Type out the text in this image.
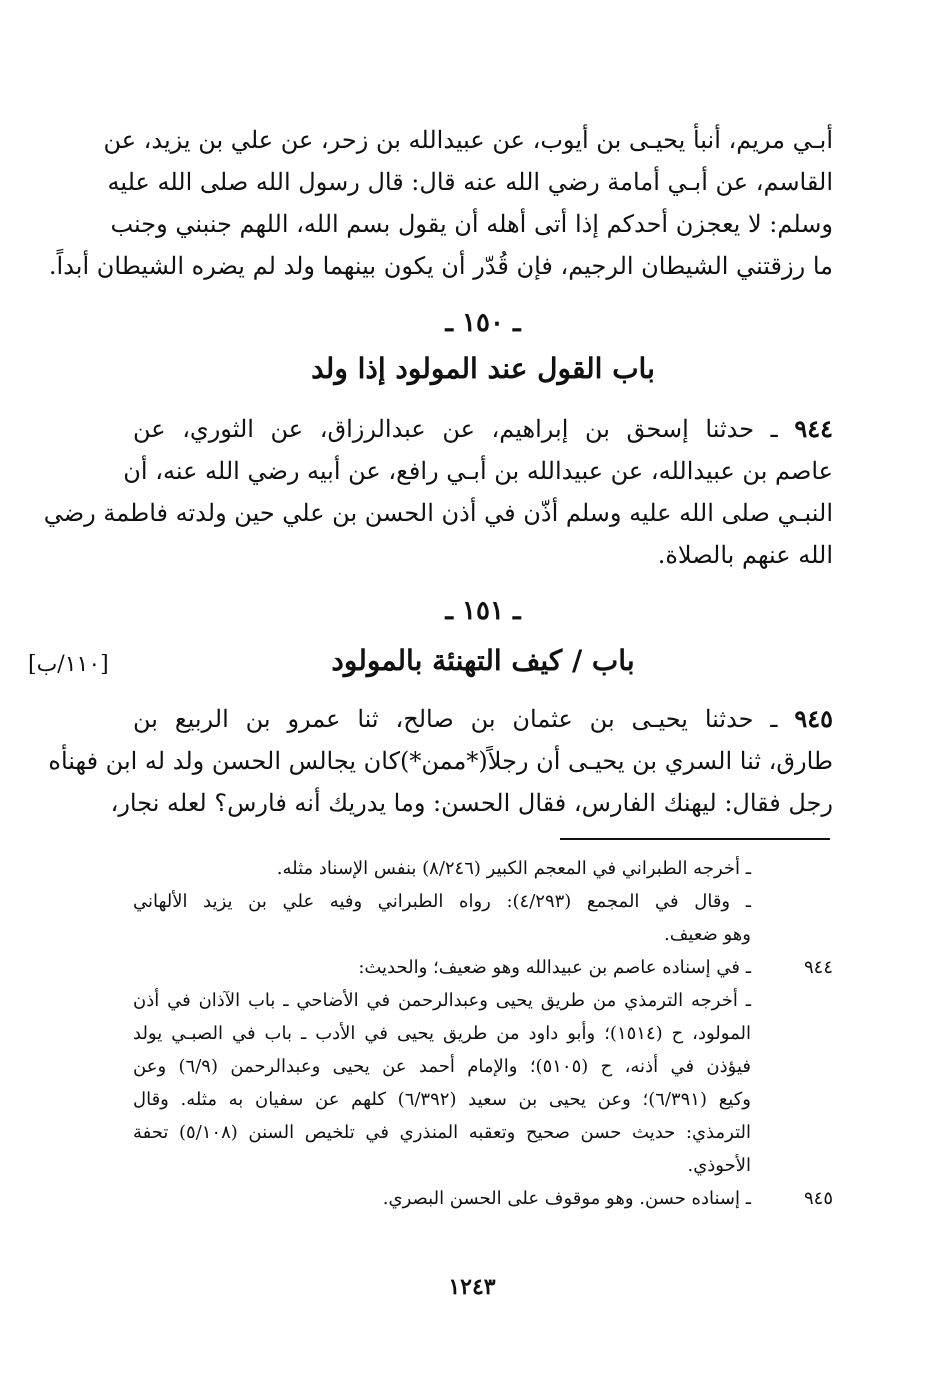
أبـي مريم، أنبأ يحيـى بن أيوب، عن عبيدالله بن زحر، عن علي بن يزيد، عن
القاسم، عن أبـي أمامة رضي الله عنه قال: قال رسول الله صلى الله عليه
وسلم: لا يعجزن أحدكم إذا أتى أهله أن يقول بسم الله، اللهم جنبني وجنب
ما رزقتني الشيطان الرجيم، فإن قُدّر أن يكون بينهما ولد لم يضره الشيطان أبداً.
ـ ١٥٠ ـ
باب القول عند المولود إذا ولد
٩٤٤ ـ حدثنا إسحق بن إبراهيم، عن عبدالرزاق، عن الثوري، عن
عاصم بن عبيدالله، عن عبيدالله بن أبـي رافع، عن أبيه رضي الله عنه، أن
النبـي صلى الله عليه وسلم أذّن في أذن الحسن بن علي حين ولدته فاطمة رضي
الله عنهم بالصلاة.
ـ ١٥١ ـ
باب / كيف التهنئة بالمولود
[١١٠/ب]
٩٤٥ ـ حدثنا يحيـى بن عثمان بن صالح، ثنا عمرو بن الربيع بن
طارق، ثنا السري بن يحيـى أن رجلاً(*ممن*)كان يجالس الحسن ولد له ابن فهنأه
رجل فقال: ليهنك الفارس، فقال الحسن: وما يدريك أنه فارس؟ لعله نجار،
ـ أخرجه الطبراني في المعجم الكبير (٨/٢٤٦) بنفس الإسناد مثله.
ـ وقال في المجمع (٤/٢٩٣): رواه الطبراني وفيه علي بن يزيد الألهاني
وهو ضعيف.
٩٤٤
ـ في إسناده عاصم بن عبيدالله وهو ضعيف؛ والحديث:
ـ أخرجه الترمذي من طريق يحيى وعبدالرحمن في الأضاحي ـ باب الآذان في أذن
المولود، ح (١٥١٤)؛ وأبو داود من طريق يحيى في الأدب ـ باب في الصبـي يولد
فيؤذن في أذنه، ح (٥١٠٥)؛ والإمام أحمد عن يحيى وعبدالرحمن (٦/٩) وعن
وكيع (٦/٣٩١)؛ وعن يحيى بن سعيد (٦/٣٩٢) كلهم عن سفيان به مثله. وقال
الترمذي: حديث حسن صحيح وتعقبه المنذري في تلخيص السنن (٥/١٠٨) تحفة
الأحوذي.
٩٤٥
ـ إسناده حسن. وهو موقوف على الحسن البصري.
١٢٤٣
